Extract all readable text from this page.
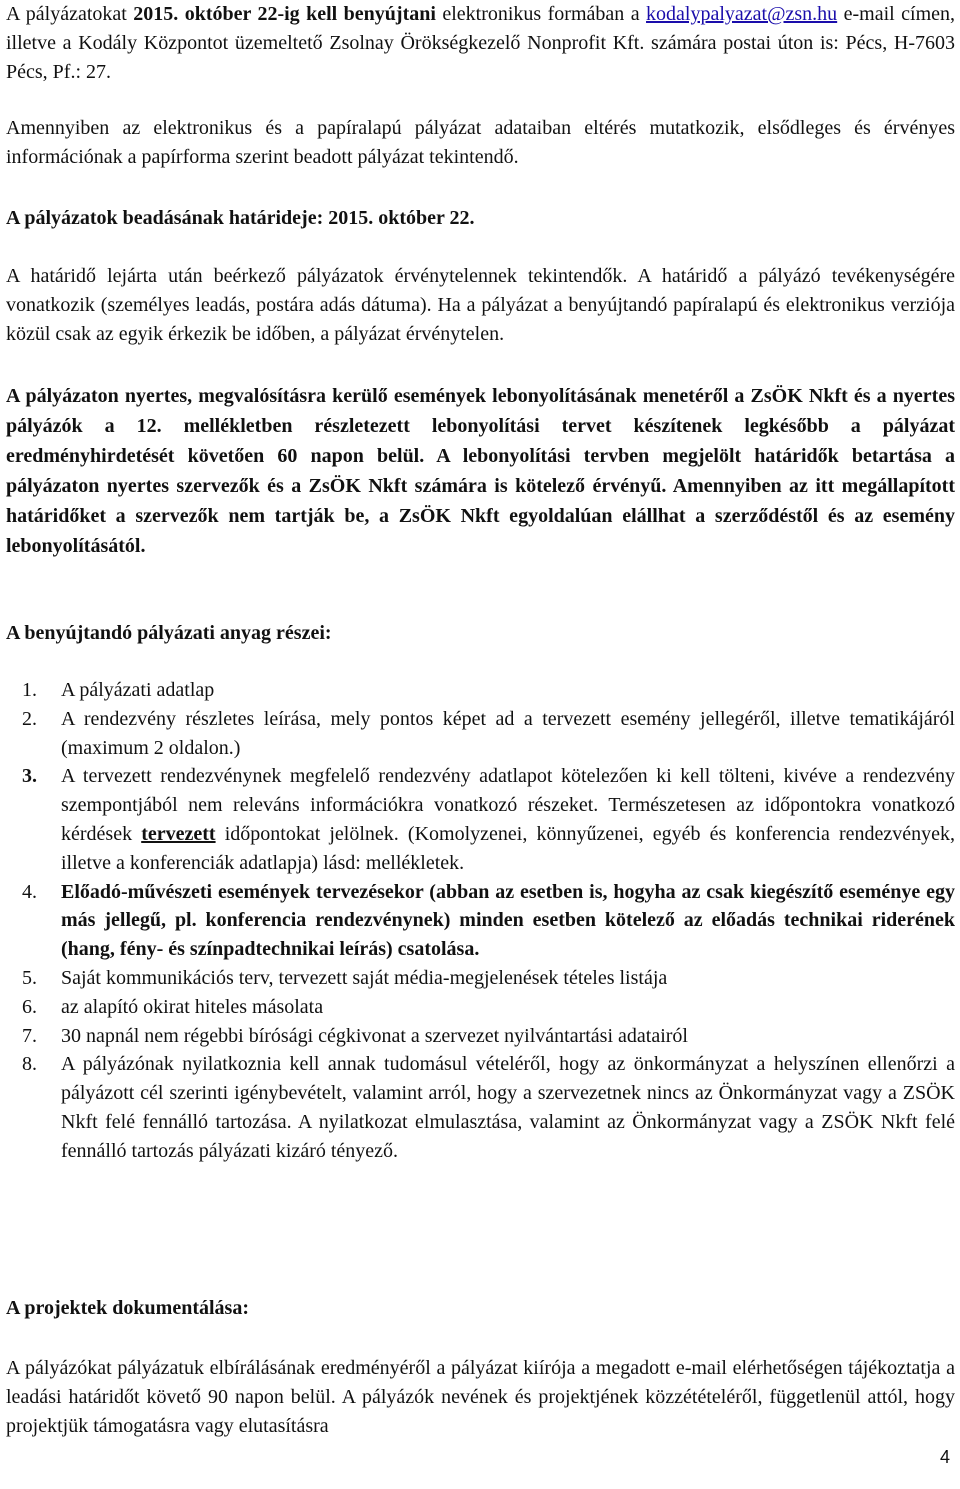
A pályázatokat 2015. október 22-ig kell benyújtani elektronikus formában a kodalypalyazat@zsn.hu e-mail címen, illetve a Kodály Központot üzemeltető Zsolnay Örökségkezelő Nonprofit Kft. számára postai úton is: Pécs, H-7603 Pécs, Pf.: 27.

Amennyiben az elektronikus és a papíralapú pályázat adataiban eltérés mutatkozik, elsődleges és érvényes információnak a papírforma szerint beadott pályázat tekintendő.

A pályázatok beadásának határideje: 2015. október 22.

A határidő lejárta után beérkező pályázatok érvénytelennek tekintendők. A határidő a pályázó tevékenységére vonatkozik (személyes leadás, postára adás dátuma). Ha a pályázat a benyújtandó papíralapú és elektronikus verziója közül csak az egyik érkezik be időben, a pályázat érvénytelen.

A pályázaton nyertes, megvalósításra kerülő események lebonyolításának menetéről a ZsÖK Nkft és a nyertes pályázók a 12. mellékletben részletezett lebonyolítási tervet készítenek legkésőbb a pályázat eredményhirdetését követően 60 napon belül. A lebonyolítási tervben megjelölt határidők betartása a pályázaton nyertes szervezők és a ZsÖK Nkft számára is kötelező érvényű. Amennyiben az itt megállapított határidőket a szervezők nem tartják be, a ZsÖK Nkft egyoldalúan elállhat a szerződéstől és az esemény lebonyolításától.

A benyújtandó pályázati anyag részei:

1.	A pályázati adatlap
2.	A rendezvény részletes leírása, mely pontos képet ad a tervezett esemény jellegéről, illetve tematikájáról (maximum 2 oldalon.)
3.	A tervezett rendezvénynek megfelelő rendezvény adatlapot kötelezően ki kell tölteni, kivéve a rendezvény szempontjából nem releváns információkra vonatkozó részeket. Természetesen az időpontokra vonatkozó kérdések tervezett időpontokat jelölnek. (Komolyzenei, könnyűzenei, egyéb és konferencia rendezvények, illetve a konferenciák adatlapja) lásd: mellékletek.
4.	Előadó-művészeti események tervezésekor (abban az esetben is, hogyha az csak kiegészítő eseménye egy más jellegű, pl. konferencia rendezvénynek) minden esetben kötelező az előadás technikai riderének (hang, fény- és színpadtechnikai leírás) csatolása.
5.	Saját kommunikációs terv, tervezett saját média-megjelenések tételes listája
6.	az alapító okirat hiteles másolata
7.	30 napnál nem régebbi bírósági cégkivonat a szervezet nyilvántartási adatairól
8.	A pályázónak nyilatkoznia kell annak tudomásul vételéről, hogy az önkormányzat a helyszínen ellenőrzi a pályázott cél szerinti igénybevételt, valamint arról, hogy a szervezetnek nincs az Önkormányzat vagy a ZSÖK Nkft felé fennálló tartozása. A nyilatkozat elmulasztása, valamint az Önkormányzat vagy a ZSÖK Nkft felé fennálló tartozás pályázati kizáró tényező.

A projektek dokumentálása:

A pályázókat pályázatuk elbírálásának eredményéről a pályázat kiírója a megadott e-mail elérhetőségen tájékoztatja a leadási határidőt követő 90 napon belül. A pályázók nevének és projektjének közzétételéről, függetlenül attól, hogy projektjük támogatásra vagy elutasításra

4
